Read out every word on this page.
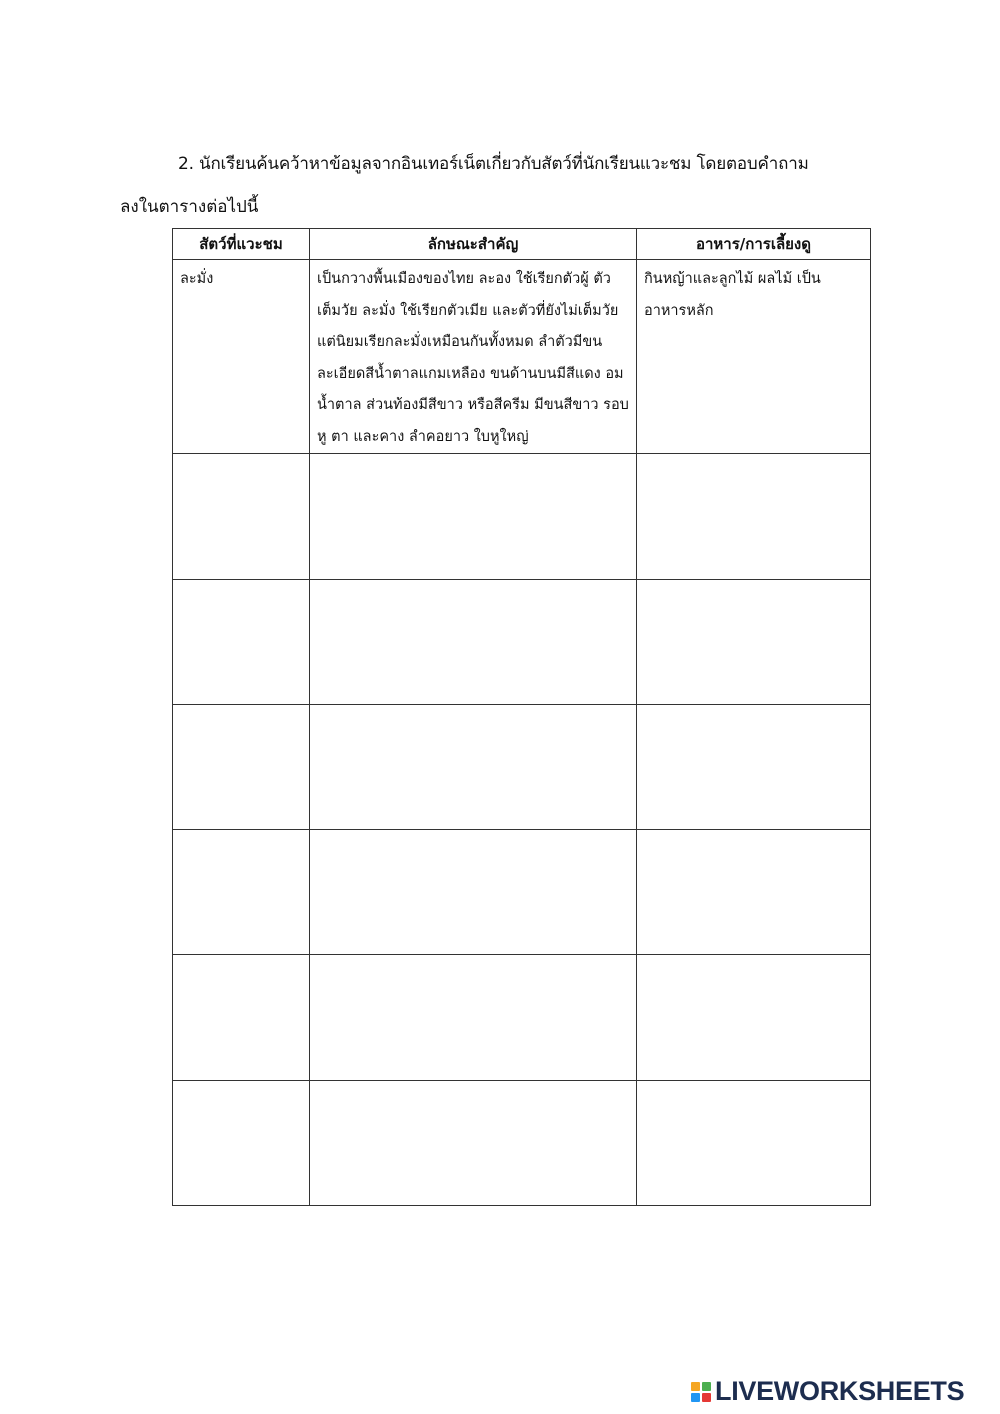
2. นักเรียนค้นคว้าหาข้อมูลจากอินเทอร์เน็ตเกี่ยวกับสัตว์ที่นักเรียนแวะชม โดยตอบคำถาม
ลงในตารางต่อไปนี้
สัตว์ที่แวะชม	ลักษณะสำคัญ	อาหาร/การเลี้ยงดู

ละมั่ง	เป็นกวางพื้นเมืองของไทย ละอง ใช้เรียกตัวผู้ ตัวเต็มวัย ละมั่ง ใช้เรียกตัวเมีย และตัวที่ยังไม่เต็มวัย แต่นิยมเรียกละมั่งเหมือนกันทั้งหมด ลำตัวมีขน ละเอียดสีน้ำตาลแกมเหลือง ขนด้านบนมีสีแดง อมน้ำตาล ส่วนท้องมีสีขาว หรือสีครีม มีขนสีขาว รอบหู ตา และคาง ลำคอยาว ใบหูใหญ่	กินหญ้าและลูกไม้ ผลไม้ เป็นอาหารหลัก

LIVEWORKSHEETS
